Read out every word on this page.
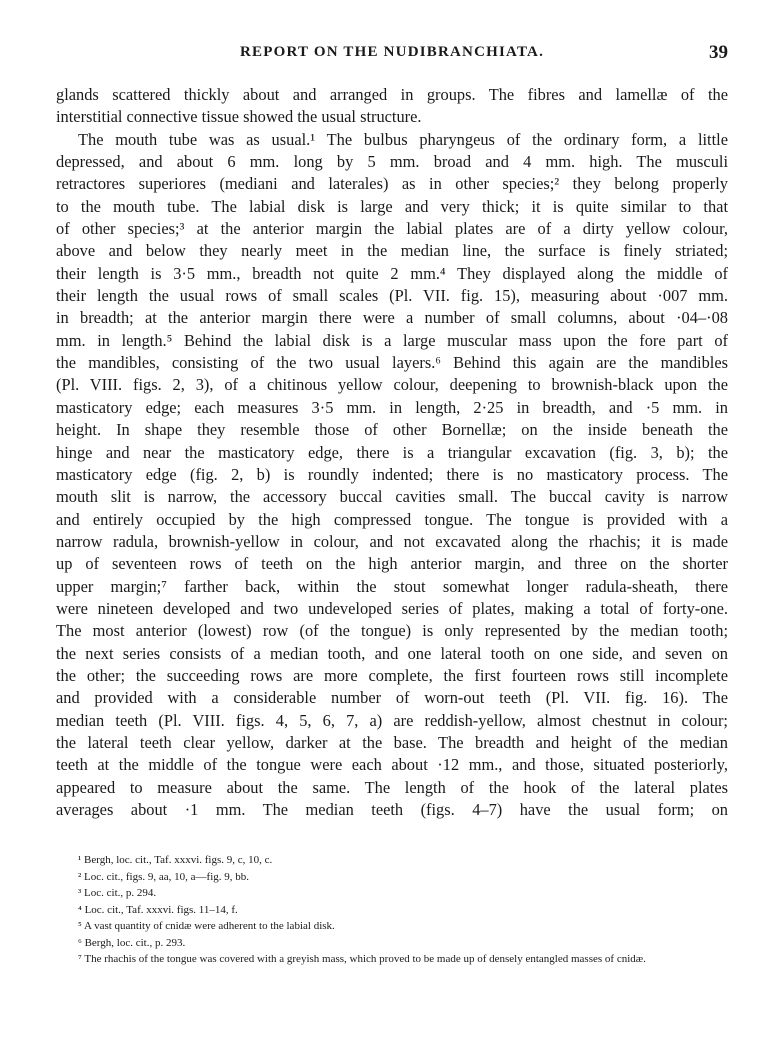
REPORT ON THE NUDIBRANCHIATA.	39

glands scattered thickly about and arranged in groups. The fibres and lamellæ of the
interstitial connective tissue showed the usual structure.

The mouth tube was as usual.¹ The bulbus pharyngeus of the ordinary form, a little
depressed, and about 6 mm. long by 5 mm. broad and 4 mm. high. The musculi
retractores superiores (mediani and laterales) as in other species;² they belong properly
to the mouth tube. The labial disk is large and very thick; it is quite similar to that
of other species;³ at the anterior margin the labial plates are of a dirty yellow colour,
above and below they nearly meet in the median line, the surface is finely striated;
their length is 3·5 mm., breadth not quite 2 mm.⁴ They displayed along the middle of
their length the usual rows of small scales (Pl. VII. fig. 15), measuring about ·007 mm.
in breadth; at the anterior margin there were a number of small columns, about ·04–·08
mm. in length.⁵ Behind the labial disk is a large muscular mass upon the fore part of
the mandibles, consisting of the two usual layers.⁶ Behind this again are the mandibles
(Pl. VIII. figs. 2, 3), of a chitinous yellow colour, deepening to brownish-black upon the
masticatory edge; each measures 3·5 mm. in length, 2·25 in breadth, and ·5 mm. in
height. In shape they resemble those of other Bornellæ; on the inside beneath the
hinge and near the masticatory edge, there is a triangular excavation (fig. 3, b); the
masticatory edge (fig. 2, b) is roundly indented; there is no masticatory process. The
mouth slit is narrow, the accessory buccal cavities small. The buccal cavity is narrow
and entirely occupied by the high compressed tongue. The tongue is provided with a
narrow radula, brownish-yellow in colour, and not excavated along the rhachis; it is made
up of seventeen rows of teeth on the high anterior margin, and three on the shorter
upper margin;⁷ farther back, within the stout somewhat longer radula-sheath, there
were nineteen developed and two undeveloped series of plates, making a total of forty-one.
The most anterior (lowest) row (of the tongue) is only represented by the median tooth;
the next series consists of a median tooth, and one lateral tooth on one side, and seven on
the other; the succeeding rows are more complete, the first fourteen rows still incomplete
and provided with a considerable number of worn-out teeth (Pl. VII. fig. 16). The
median teeth (Pl. VIII. figs. 4, 5, 6, 7, a) are reddish-yellow, almost chestnut in colour;
the lateral teeth clear yellow, darker at the base. The breadth and height of the median
teeth at the middle of the tongue were each about ·12 mm., and those, situated posteriorly,
appeared to measure about the same. The length of the hook of the lateral plates
averages about ·1 mm. The median teeth (figs. 4–7) have the usual form; on

¹ Bergh, loc. cit., Taf. xxxvi. figs. 9, c, 10, c.

² Loc. cit., figs. 9, aa, 10, a—fig. 9, bb.

³ Loc. cit., p. 294.

⁴ Loc. cit., Taf. xxxvi. figs. 11–14, f.

⁵ A vast quantity of cnidæ were adherent to the labial disk.

⁶ Bergh, loc. cit., p. 293.

⁷ The rhachis of the tongue was covered with a greyish mass, which proved to be made up of densely entangled masses of cnidæ.
